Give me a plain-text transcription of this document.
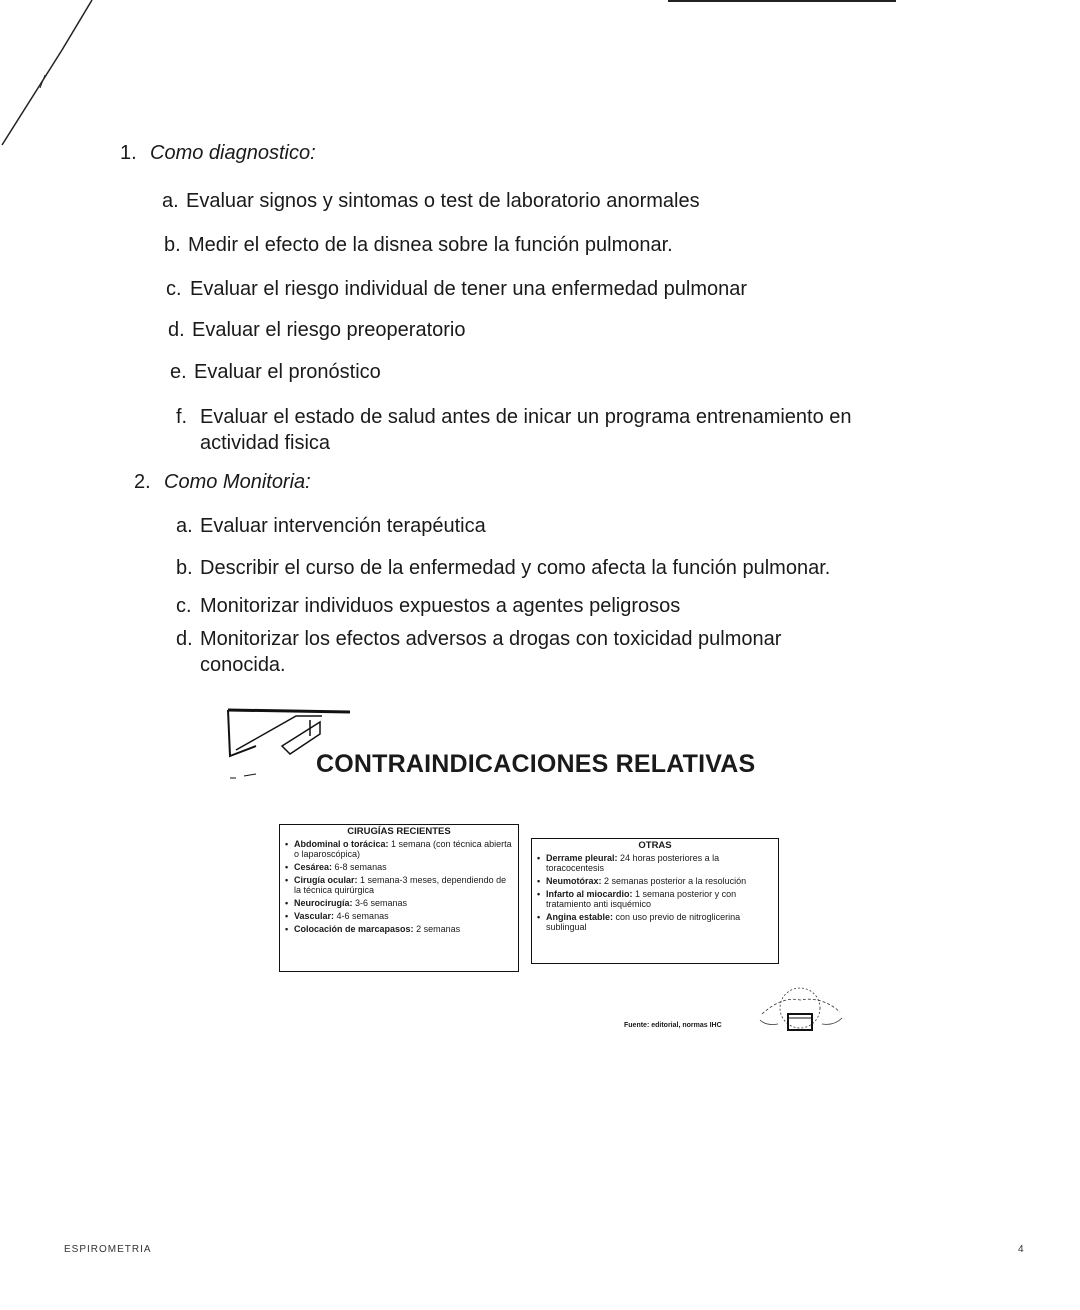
1. Como diagnostico:
a. Evaluar signos y sintomas o test de laboratorio anormales
b. Medir el efecto de la disnea sobre la función pulmonar.
c. Evaluar el riesgo individual de tener una enfermedad pulmonar
d. Evaluar el riesgo preoperatorio
e. Evaluar el pronóstico
f. Evaluar el estado de salud antes de inicar un programa entrenamiento en
actividad fisica
2. Como Monitoria:
a. Evaluar intervención terapéutica
b. Describir el curso de la enfermedad y como afecta la función pulmonar.
c. Monitorizar individuos expuestos a agentes peligrosos
d. Monitorizar los efectos adversos a drogas con toxicidad pulmonar
conocida.
CONTRAINDICACIONES RELATIVAS
CIRUGÍAS RECIENTES
• Abdominal o torácica: 1 semana (con técnica abierta o laparoscópica)
• Cesárea: 6-8 semanas
• Cirugía ocular: 1 semana-3 meses, dependiendo de la técnica quirúrgica
• Neurocirugía: 3-6 semanas
• Vascular: 4-6 semanas
• Colocación de marcapasos: 2 semanas
OTRAS
• Derrame pleural: 24 horas posteriores a la toracocentesis
• Neumotórax: 2 semanas posterior a la resolución
• Infarto al miocardio: 1 semana posterior y con tratamiento anti isquémico
• Angina estable: con uso previo de nitroglicerina sublingual
Fuente: editorial, normas IHC
ESPIROMETRIA	4
